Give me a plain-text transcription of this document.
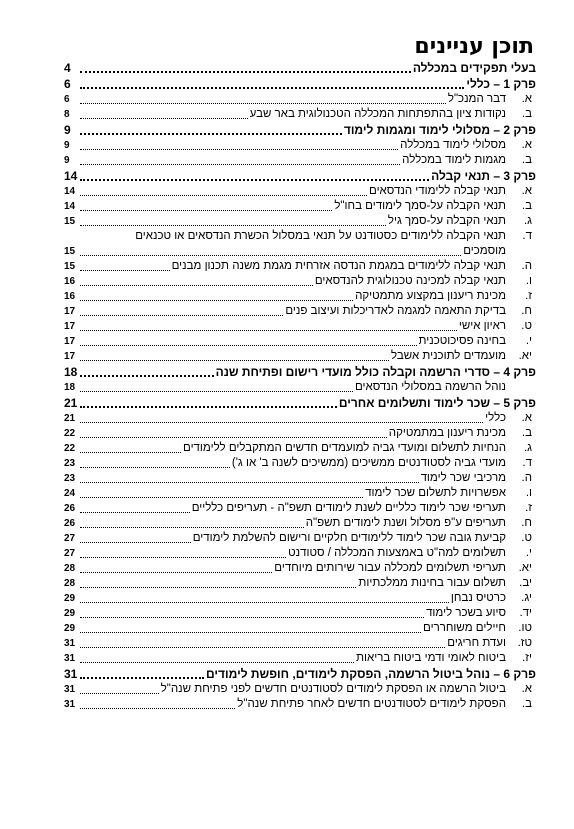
תוכן עניינים
בעלי תפקידים במכללה
4
פרק 1 – כללי
6
א.דבר המנכ"ל
6
ב.נקודות ציון בהתפתחות המכללה הטכנולוגית באר שבע
8
פרק 2 – מסלולי לימוד ומגמות לימוד
9
א.מסלולי לימוד במכללה
9
ב.מגמות לימוד במכללה
9
פרק 3 – תנאי קבלה
14
א.תנאי קבלה ללימודי הנדסאים
14
ב.תנאי הקבלה על-סמך לימודים בחו"ל
14
ג.תנאי הקבלה על-סמך גיל
15
ד.תנאי הקבלה ללימודים כסטודנט על תנאי במסלול הכשרת הנדסאים או טכנאים
מוסמכים
15
ה.תנאי קבלה ללימודים במגמת הנדסה אזרחית מגמת משנה תכנון מבנים
15
ו.תנאי קבלה למכינה טכנולוגית להנדסאים
16
ז.מכינת ריענון במקצוע מתמטיקה
16
ח.בדיקת התאמה למגמה לאדריכלות ועיצוב פנים
17
ט.ראיון אישי
17
י.בחינה פסיכוטכנית
17
יא.מועמדים לתוכנית אשבל
17
פרק 4 – סדרי הרשמה וקבלה כולל מועדי רישום ופתיחת שנה
18
נוהל הרשמה במסלולי הנדסאים
18
פרק 5 – שכר לימוד ותשלומים אחרים
21
א.כללי
21
ב.מכינת ריענון במתמטיקה
22
ג.הנחיות לתשלום ומועדי גביה למועמדים חדשים המתקבלים ללימודים
22
ד.מועדי גביה לסטודנטים ממשיכים (ממשיכים לשנה ב' או ג')
23
ה.מרכיבי שכר לימוד
23
ו.אפשרויות לתשלום שכר לימוד
24
ז.תעריפי שכר לימוד כלליים לשנת לימודים תשפ"ה - תעריפים כלליים
26
ח.תעריפים ע"פ מסלול ושנת לימודים תשפ"ה
26
ט.קביעת גובה שכר לימוד ללימודים חלקיים ורישום להשלמת לימודים
27
י.תשלומים למה"ט באמצעות המכללה / סטודנט
27
יא.תעריפי תשלומים למכללה עבור שירותים מיוחדים
28
יב.תשלום עבור בחינות ממלכתיות
28
יג.כרטיס נבחן
29
יד.סיוע בשכר לימוד
29
טו.חיילים משוחררים
29
טז.ועדת חריגים
31
יז.ביטוח לאומי ודמי ביטוח בריאות
31
פרק 6 – נוהל ביטול הרשמה, הפסקת לימודים, חופשת לימודים
31
א.ביטול הרשמה או הפסקת לימודים לסטודנטים חדשים לפני פתיחת שנה"ל
31
ב.הפסקת לימודים לסטודנטים חדשים לאחר פתיחת שנה"ל
31
